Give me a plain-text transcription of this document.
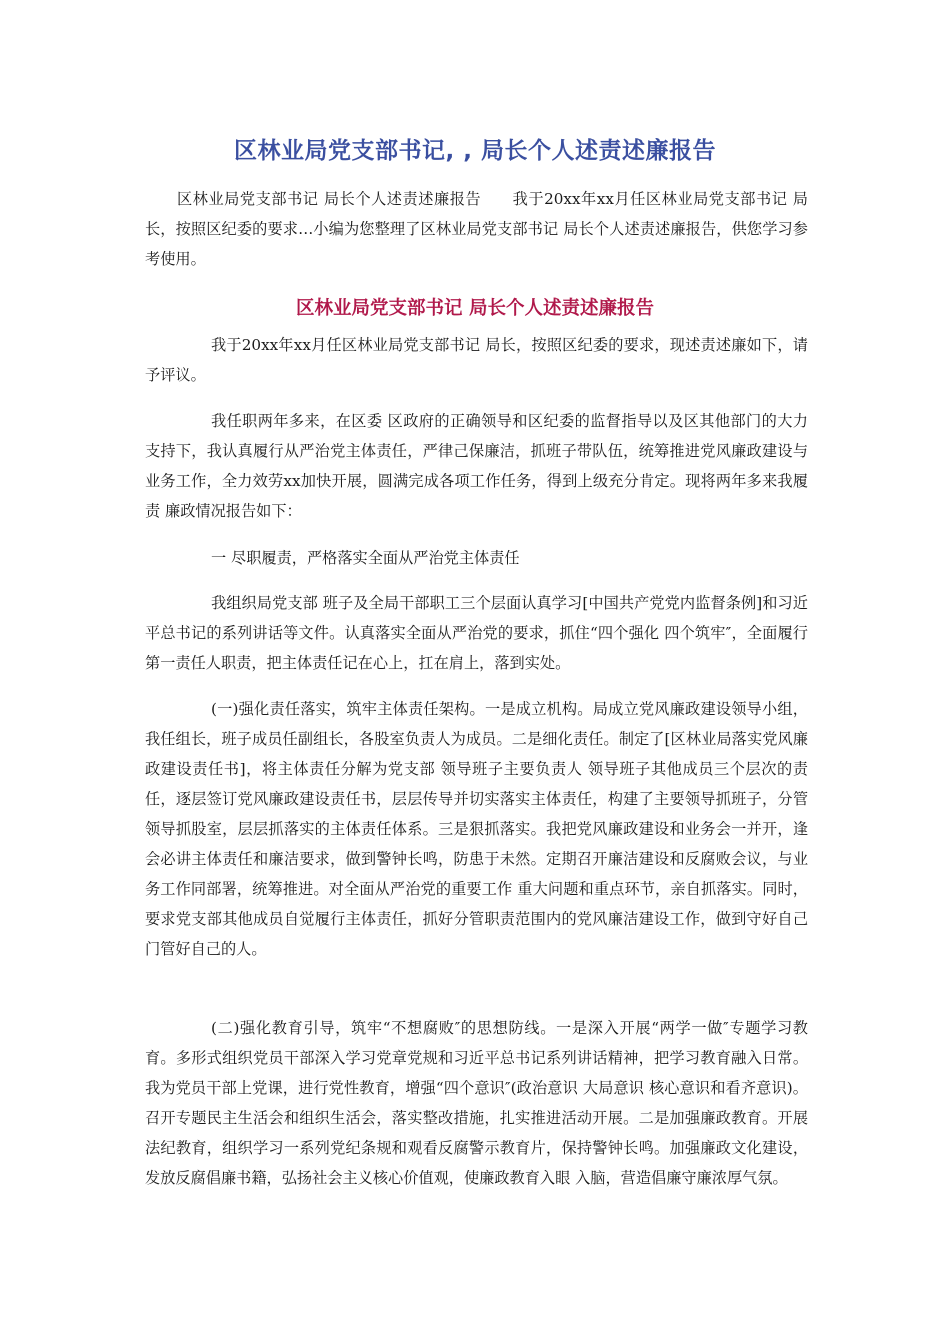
区林业局党支部书记, , 局长个人述责述廉报告

区林业局党支部书记 局长个人述责述廉报告　　我于20xx年xx月任区林业局党支部书记 局长，按照区纪委的要求…小编为您整理了区林业局党支部书记 局长个人述责述廉报告，供您学习参考使用。

区林业局党支部书记 局长个人述责述廉报告

我于20xx年xx月任区林业局党支部书记 局长，按照区纪委的要求，现述责述廉如下，请予评议。

我任职两年多来，在区委 区政府的正确领导和区纪委的监督指导以及区其他部门的大力支持下，我认真履行从严治党主体责任，严律己保廉洁，抓班子带队伍，统筹推进党风廉政建设与业务工作，全力效劳xx加快开展，圆满完成各项工作任务，得到上级充分肯定。现将两年多来我履责 廉政情况报告如下：

一 尽职履责，严格落实全面从严治党主体责任

我组织局党支部 班子及全局干部职工三个层面认真学习[中国共产党党内监督条例]和习近平总书记的系列讲话等文件。认真落实全面从严治党的要求，抓住“四个强化 四个筑牢″，全面履行第一责任人职责，把主体责任记在心上，扛在肩上，落到实处。

(一)强化责任落实，筑牢主体责任架构。一是成立机构。局成立党风廉政建设领导小组，我任组长，班子成员任副组长，各股室负责人为成员。二是细化责任。制定了[区林业局落实党风廉政建设责任书]，将主体责任分解为党支部 领导班子主要负责人 领导班子其他成员三个层次的责任，逐层签订党风廉政建设责任书，层层传导并切实落实主体责任，构建了主要领导抓班子，分管领导抓股室，层层抓落实的主体责任体系。三是狠抓落实。我把党风廉政建设和业务会一并开，逢会必讲主体责任和廉洁要求，做到警钟长鸣，防患于未然。定期召开廉洁建设和反腐败会议，与业务工作同部署，统筹推进。对全面从严治党的重要工作 重大问题和重点环节，亲自抓落实。同时，要求党支部其他成员自觉履行主体责任，抓好分管职责范围内的党风廉洁建设工作，做到守好自己门管好自己的人。

(二)强化教育引导，筑牢“不想腐败″的思想防线。一是深入开展“两学一做″专题学习教育。多形式组织党员干部深入学习党章党规和习近平总书记系列讲话精神，把学习教育融入日常。我为党员干部上党课，进行党性教育，增强“四个意识″(政治意识 大局意识 核心意识和看齐意识)。召开专题民主生活会和组织生活会，落实整改措施，扎实推进活动开展。二是加强廉政教育。开展法纪教育，组织学习一系列党纪条规和观看反腐警示教育片，保持警钟长鸣。加强廉政文化建设，发放反腐倡廉书籍，弘扬社会主义核心价值观，使廉政教育入眼 入脑，营造倡廉守廉浓厚气氛。
